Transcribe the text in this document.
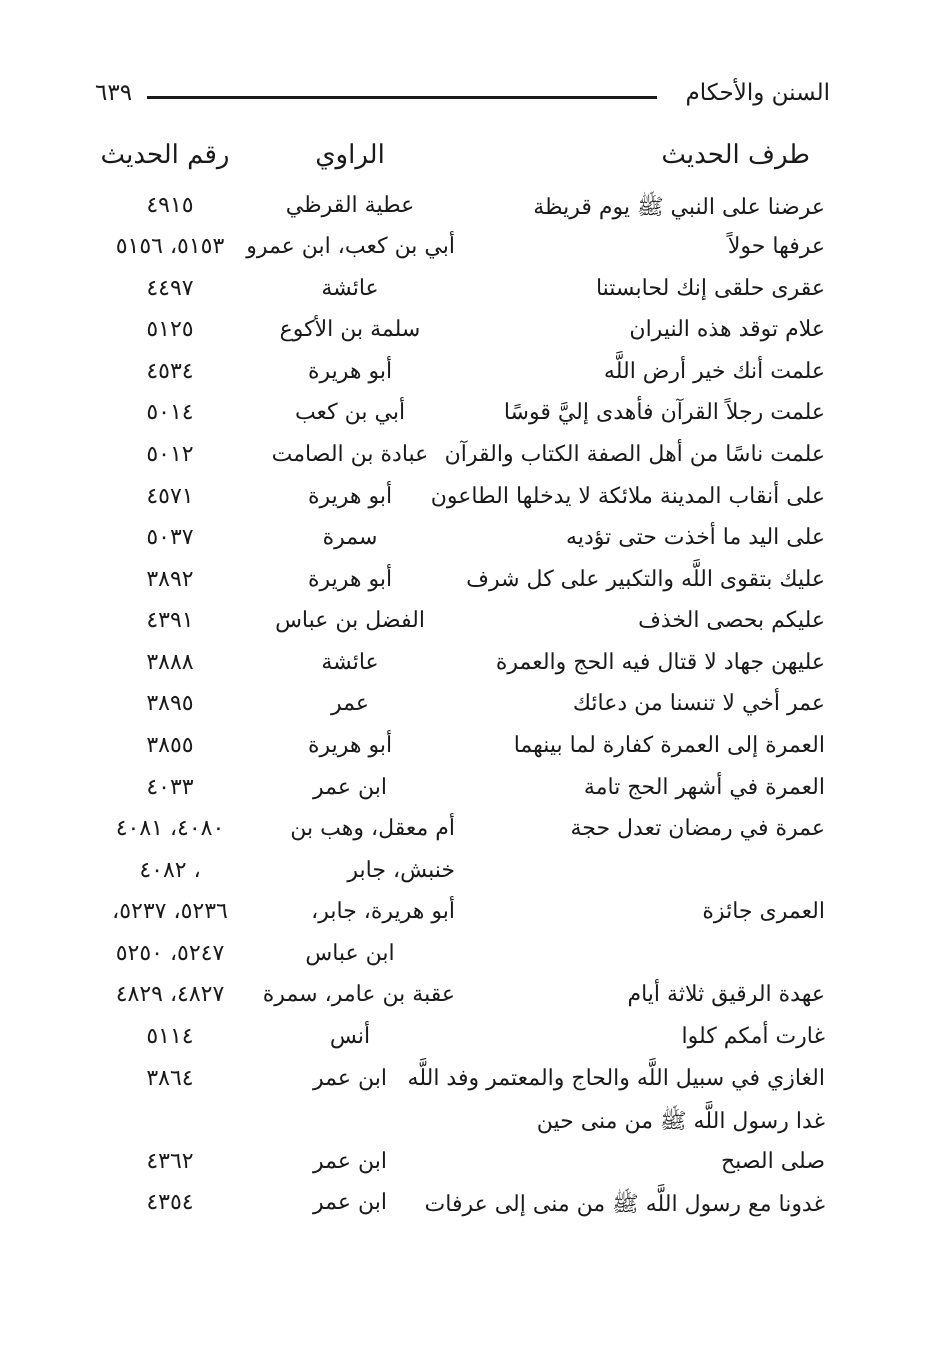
السنن والأحكام
٦٣٩
طرف الحديث
الراوي
رقم الحديث
عرضنا على النبي ﷺ يوم قريظة
عطية القرظي
٤٩١٥
عرفها حولاً
أبي بن كعب، ابن عمرو
٥١٥٣، ٥١٥٦
عقرى حلقى إنك لحابستنا
عائشة
٤٤٩٧
علام توقد هذه النيران
سلمة بن الأكوع
٥١٢٥
علمت أنك خير أرض اللَّه
أبو هريرة
٤٥٣٤
علمت رجلاً القرآن فأهدى إليَّ قوسًا
أبي بن كعب
٥٠١٤
علمت ناسًا من أهل الصفة الكتاب والقرآن
عبادة بن الصامت
٥٠١٢
على أنقاب المدينة ملائكة لا يدخلها الطاعون
أبو هريرة
٤٥٧١
على اليد ما أخذت حتى تؤديه
سمرة
٥٠٣٧
عليك بتقوى اللَّه والتكبير على كل شرف
أبو هريرة
٣٨٩٢
عليكم بحصى الخذف
الفضل بن عباس
٤٣٩١
عليهن جهاد لا قتال فيه الحج والعمرة
عائشة
٣٨٨٨
عمر أخي لا تنسنا من دعائك
عمر
٣٨٩٥
العمرة إلى العمرة كفارة لما بينهما
أبو هريرة
٣٨٥٥
العمرة في أشهر الحج تامة
ابن عمر
٤٠٣٣
عمرة في رمضان تعدل حجة
أم معقل، وهب بن
٤٠٨٠، ٤٠٨١
خنبش، جابر
، ٤٠٨٢
العمرى جائزة
أبو هريرة، جابر،
٥٢٣٦، ٥٢٣٧،
ابن عباس
٥٢٤٧، ٥٢٥٠
عهدة الرقيق ثلاثة أيام
عقبة بن عامر، سمرة
٤٨٢٧، ٤٨٢٩
غارت أمكم كلوا
أنس
٥١١٤
الغازي في سبيل اللَّه والحاج والمعتمر وفد اللَّه
ابن عمر
٣٨٦٤
غدا رسول اللَّه ﷺ من منى حين
صلى الصبح
ابن عمر
٤٣٦٢
غدونا مع رسول اللَّه ﷺ من منى إلى عرفات
ابن عمر
٤٣٥٤
